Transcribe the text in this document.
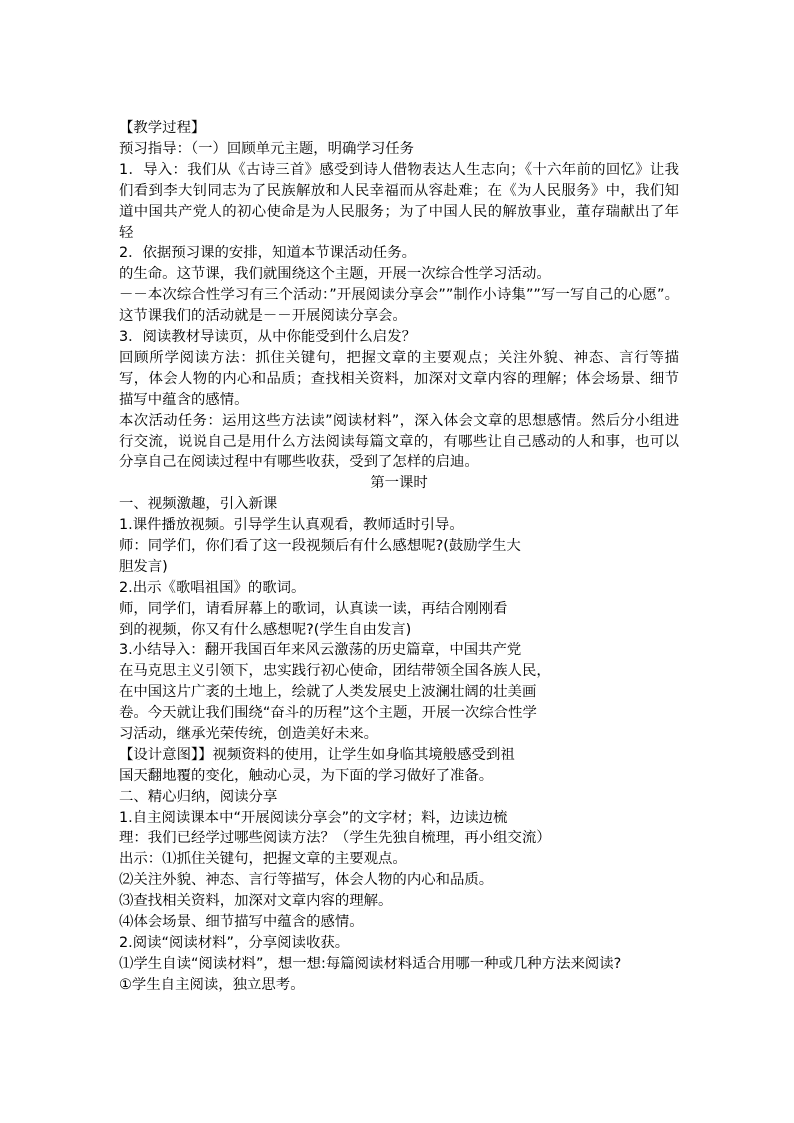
【教学过程】
预习指导：（一）回顾单元主题，明确学习任务
1．导入：我们从《古诗三首》感受到诗人借物表达人生志向；《十六年前的回忆》让我们看到李大钊同志为了民族解放和人民幸福而从容赴难；在《为人民服务》中，我们知道中国共产党人的初心使命是为人民服务；为了中国人民的解放事业，董存瑞献出了年轻
2．依据预习课的安排，知道本节课活动任务。
的生命。这节课，我们就围绕这个主题，开展一次综合性学习活动。
－－本次综合性学习有三个活动：”开展阅读分享会””制作小诗集””写一写自己的心愿”。这节课我们的活动就是－－开展阅读分享会。
3．阅读教材导读页，从中你能受到什么启发？
回顾所学阅读方法：抓住关键句，把握文章的主要观点；关注外貌、神态、言行等描写，体会人物的内心和品质；查找相关资料，加深对文章内容的理解；体会场景、细节描写中蕴含的感情。
本次活动任务：运用这些方法读”阅读材料”，深入体会文章的思想感情。然后分小组进行交流，说说自己是用什么方法阅读每篇文章的，有哪些让自己感动的人和事，也可以分享自己在阅读过程中有哪些收获，受到了怎样的启迪。
第一课时
一、视频激趣，引入新课
1.课件播放视频。引导学生认真观看，教师适时引导。
师：同学们，你们看了这一段视频后有什么感想呢?(鼓励学生大
胆发言)
2.出示《歌唱祖国》的歌词。
师，同学们，请看屏幕上的歌词，认真读一读，再结合刚刚看
到的视频，你又有什么感想呢?(学生自由发言)
3.小结导入：翻开我国百年来风云激荡的历史篇章，中国共产党
在马克思主义引领下，忠实践行初心使命，团结带领全国各族人民，
在中国这片广袤的土地上，绘就了人类发展史上波澜壮阔的壮美画
卷。今天就让我们围绕“奋斗的历程”这个主题，开展一次综合性学
习活动，继承光荣传统，创造美好未来。
【设计意图】】视频资料的使用，让学生如身临其境般感受到祖
国天翻地覆的变化，触动心灵，为下面的学习做好了准备。
二、精心归纳，阅读分享
1.自主阅读课本中“开展阅读分享会”的文字材；料，边读边梳
理：我们已经学过哪些阅读方法？（学生先独自梳理，再小组交流）
出示：⑴抓住关键句，把握文章的主要观点。
⑵关注外貌、神态、言行等描写，体会人物的内心和品质。
⑶查找相关资料，加深对文章内容的理解。
⑷体会场景、细节描写中蕴含的感情。
2.阅读“阅读材料”，分享阅读收获。
⑴学生自读“阅读材料”，想一想:每篇阅读材料适合用哪一种或几种方法来阅读?
①学生自主阅读，独立思考。
